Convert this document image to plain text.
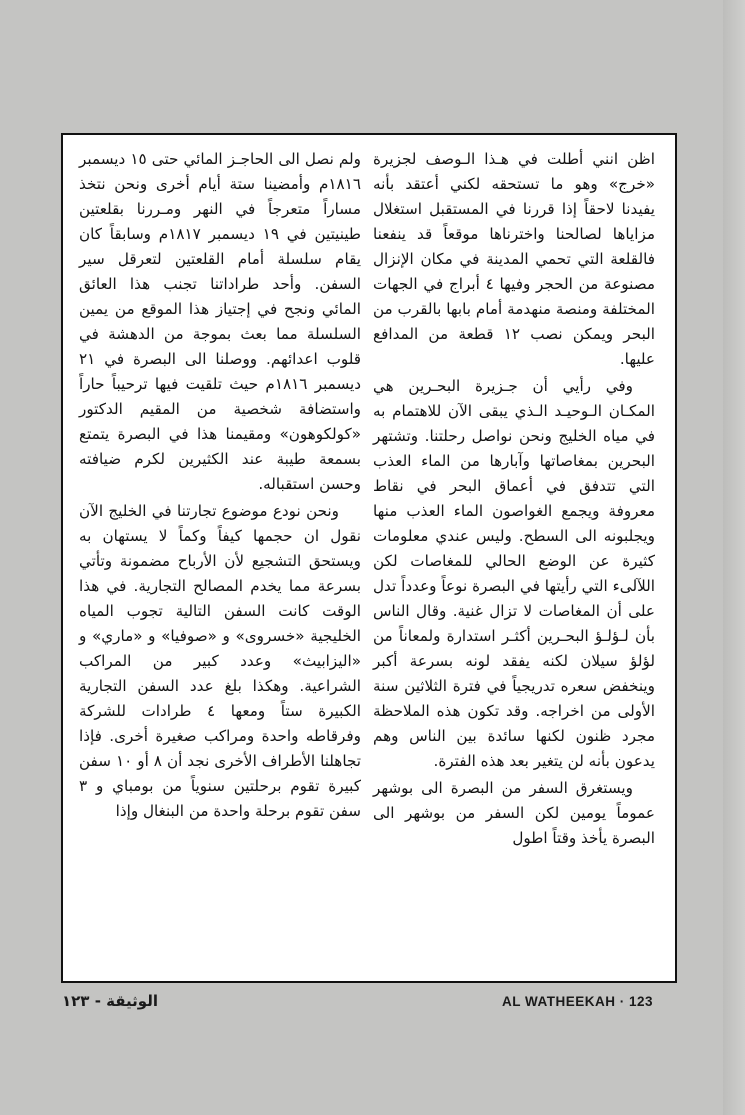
اظن انني أطلت في هـذا الـوصف لجزيرة «خرج» وهو ما تستحقه لكني أعتقد بأنه يفيدنا لاحقاً إذا قررنا في المستقبل استغلال مزاياها لصالحنا واخترناها موقعاً قد ينفعنا فالقلعة التي تحمي المدينة في مكان الإنزال مصنوعة من الحجر وفيها ٤ أبراج في الجهات المختلفة ومنصة منهدمة أمام بابها بالقرب من البحر ويمكن نصب ١٢ قطعة من المدافع عليها.

وفي رأيي أن جـزيرة البحـرين هي المكـان الـوحيـد الـذي يبقى الآن للاهتمام به في مياه الخليج ونحن نواصل رحلتنا. وتشتهر البحرين بمغاصاتها وآبارها من الماء العذب التي تتدفق في أعماق البحر في نقاط معروفة ويجمع الغواصون الماء العذب منها ويجلبونه الى السطح. وليس عندي معلومات كثيرة عن الوضع الحالي للمغاصات لكن اللآلىء التي رأيتها في البصرة نوعاً وعدداً تدل على أن المغاصات لا تزال غنية. وقال الناس بأن لـؤلـؤ البحـرين أكثـر استدارة ولمعاناً من لؤلؤ سيلان لكنه يفقد لونه بسرعة أكبر وينخفض سعره تدريجياً في فترة الثلاثين سنة الأولى من اخراجه. وقد تكون هذه الملاحظة مجرد ظنون لكنها سائدة بين الناس وهم يدعون بأنه لن يتغير بعد هذه الفترة.

ويستغرق السفر من البصرة الى بوشهر عموماً يومين لكن السفر من بوشهر الى البصرة يأخذ وقتاً اطول

ولم نصل الى الحاجـز المائي حتى ١٥ ديسمبر ١٨١٦م وأمضينا ستة أيام أخرى ونحن نتخذ مساراً متعرجاً في النهر ومـررنا بقلعتين طينيتين في ١٩ ديسمبر ١٨١٧م وسابقاً كان يقام سلسلة أمام القلعتين لتعرقل سير السفن. وأحد طراداتنا تجنب هذا العائق المائي ونجح في إجتياز هذا الموقع من يمين السلسلة مما بعث بموجة من الدهشة في قلوب اعدائهم. ووصلنا الى البصرة في ٢١ ديسمبر ١٨١٦م حيث تلقيت فيها ترحيباً حاراً واستضافة شخصية من المقيم الدكتور «كولكوهون» ومقيمنا هذا في البصرة يتمتع بسمعة طيبة عند الكثيرين لكرم ضيافته وحسن استقباله.

ونحن نودع موضوع تجارتنا في الخليج الآن نقول ان حجمها كيفاً وكماً لا يستهان به ويستحق التشجيع لأن الأرباح مضمونة وتأتي بسرعة مما يخدم المصالح التجارية. في هذا الوقت كانت السفن التالية تجوب المياه الخليجية «خسروى» و «صوفيا» و «ماري» و «اليزابيث» وعدد كبير من المراكب الشراعية. وهكذا بلغ عدد السفن التجارية الكبيرة ستاً ومعها ٤ طرادات للشركة وفرقاطه واحدة ومراكب صغيرة أخرى. فإذا تجاهلنا الأطراف الأخرى نجد أن ٨ أو ١٠ سفن كبيرة تقوم برحلتين سنوياً من بومباي و ٣ سفن تقوم برحلة واحدة من البنغال وإذا

الوثيقة - ١٢٣	AL WATHEEKAH · 123
